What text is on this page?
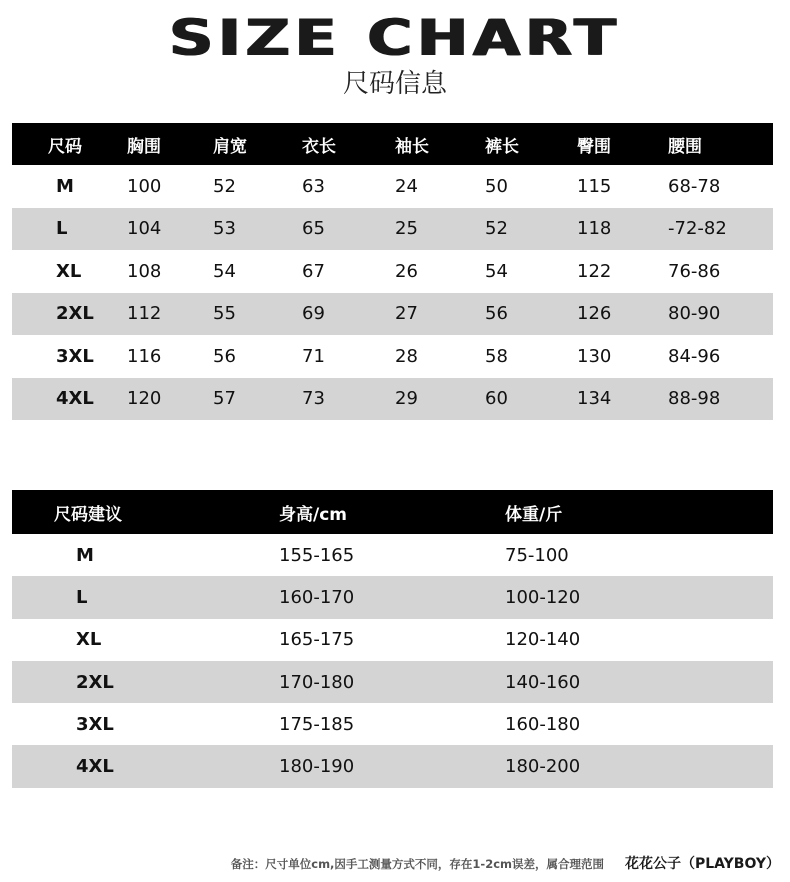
SIZE CHART
尺码信息
尺码	胸围	肩宽	衣长	袖长	裤长	臀围	腰围
M	100	52	63	24	50	115	68-78
L	104	53	65	25	52	118	-72-82
XL	108	54	67	26	54	122	76-86
2XL	112	55	69	27	56	126	80-90
3XL	116	56	71	28	58	130	84-96
4XL	120	57	73	29	60	134	88-98
尺码建议	身高/cm	体重/斤
M	155-165	75-100
L	160-170	100-120
XL	165-175	120-140
2XL	170-180	140-160
3XL	175-185	160-180
4XL	180-190	180-200
备注：尺寸单位cm,因手工测量方式不同，存在1-2cm误差，属合理范围 花花公子（PLAYBOY）
